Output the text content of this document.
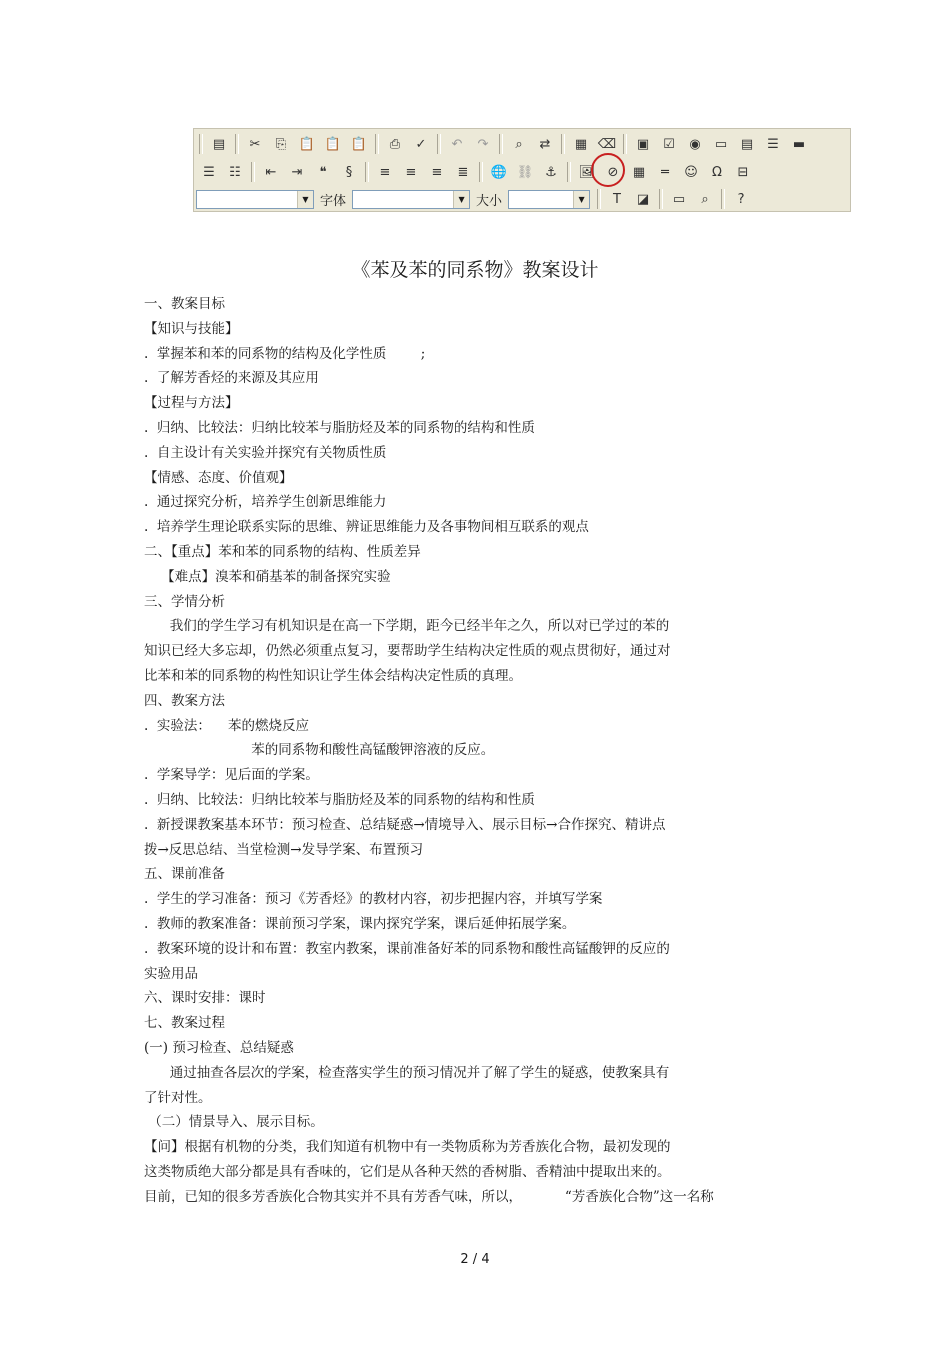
▤	✂	⎘ 📋 📋 📋	⎙	✓	↶	↷	⌕	⇄	▦ ⌫	▣	☑	◉	▭	▤	☰	▬
☰	☷	⇤	⇥	❝	§	≡	≡	≡	≣	🌐 ⛓ ⚓	🖼 ⊘	▦	═	☺	Ω	⊟
▼ 字体	▼ 大小	▼	T	◪	▭	⌕	?
《苯及苯的同系物》教案设计

一、教案目标

【知识与技能】

.  掌握苯和苯的同系物的结构及化学性质        ;

.  了解芳香烃的来源及其应用

【过程与方法】

.  归纳、比较法：归纳比较苯与脂肪烃及苯的同系物的结构和性质

.  自主设计有关实验并探究有关物质性质

【情感、态度、价值观】

.  通过探究分析，培养学生创新思维能力

.  培养学生理论联系实际的思维、辨证思维能力及各事物间相互联系的观点

二、【重点】苯和苯的同系物的结构、性质差异

【难点】溴苯和硝基苯的制备探究实验

三、学情分析

我们的学生学习有机知识是在高一下学期，距今已经半年之久，所以对已学过的苯的

知识已经大多忘却，仍然必须重点复习，要帮助学生结构决定性质的观点贯彻好，通过对

比苯和苯的同系物的构性知识让学生体会结构决定性质的真理。

四、教案方法

.  实验法：    苯的燃烧反应

苯的同系物和酸性高锰酸钾溶液的反应。

.  学案导学：见后面的学案。

.  归纳、比较法：归纳比较苯与脂肪烃及苯的同系物的结构和性质

.  新授课教案基本环节：预习检查、总结疑惑→情境导入、展示目标→合作探究、精讲点

拨→反思总结、当堂检测→发导学案、布置预习

五、课前准备

.  学生的学习准备：预习《芳香烃》的教材内容，初步把握内容，并填写学案

.  教师的教案准备：课前预习学案，课内探究学案，课后延伸拓展学案。

.  教案环境的设计和布置：教室内教案，课前准备好苯的同系物和酸性高锰酸钾的反应的

实验用品

六、课时安排：课时

七、教案过程

(一) 预习检查、总结疑惑

通过抽查各层次的学案，检查落实学生的预习情况并了解了学生的疑惑，使教案具有

了针对性。

（二）情景导入、展示目标。

【问】根据有机物的分类，我们知道有机物中有一类物质称为芳香族化合物，最初发现的

这类物质绝大部分都是具有香味的，它们是从各种天然的香树脂、香精油中提取出来的。

目前，已知的很多芳香族化合物其实并不具有芳香气味，所以，          “芳香族化合物”这一名称

2 / 4
